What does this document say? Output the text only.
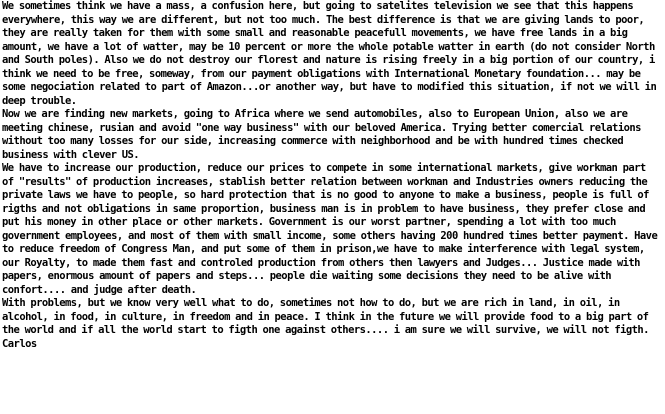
We sometimes think we have a mass, a confusion here, but going to satelites television we see that this happens everywhere, this way we are different, but not too much. The best difference is that we are giving lands to poor, they are really taken for them with some small and reasonable peacefull movements, we have free lands in a big amount, we have a lot of watter, may be 10 percent or more the whole potable watter in earth (do not consider North and South poles). Also we do not destroy our florest and nature is rising freely in a big portion of our country, i think we need to be free, someway, from our payment obligations with International Monetary foundation... may be some negociation related to part of Amazon...or another way, but have to modified this situation, if not we will in deep trouble.

Now we are finding new markets, going to Africa where we send automobiles, also to European Union, also we are meeting chinese, rusian and avoid "one way business" with our beloved America. Trying better comercial relations without too many losses for our side, increasing commerce with neighborhood and be with hundred times checked business with clever US.

We have to increase our production, reduce our prices to compete in some international markets, give workman part of "results" of production increases, stablish better relation between workman and Industries owners reducing the private laws we have to people, so hard protection that is no good to anyone to make a business, people is full of rigths and not obligations in same proportion, business man is in problem to have business, they prefer close and put his money in other place or other markets. Government is our worst partner, spending a lot with too much government employees, and most of them with small income, some others having 200 hundred times better payment. Have to reduce freedom of Congress Man, and put some of them in prison,we have to make interference with legal system, our Royalty, to made them fast and controled production from others then lawyers and Judges... Justice made with papers, enormous amount of papers and steps... people die waiting some decisions they need to be alive with confort.... and judge after death.

With problems, but we know very well what to do, sometimes not how to do, but we are rich in land, in oil, in alcohol, in food, in culture, in freedom and in peace. I think in the future we will provide food to a big part of the world and if all the world start to figth one against others.... i am sure we will survive, we will not figth.

Carlos
